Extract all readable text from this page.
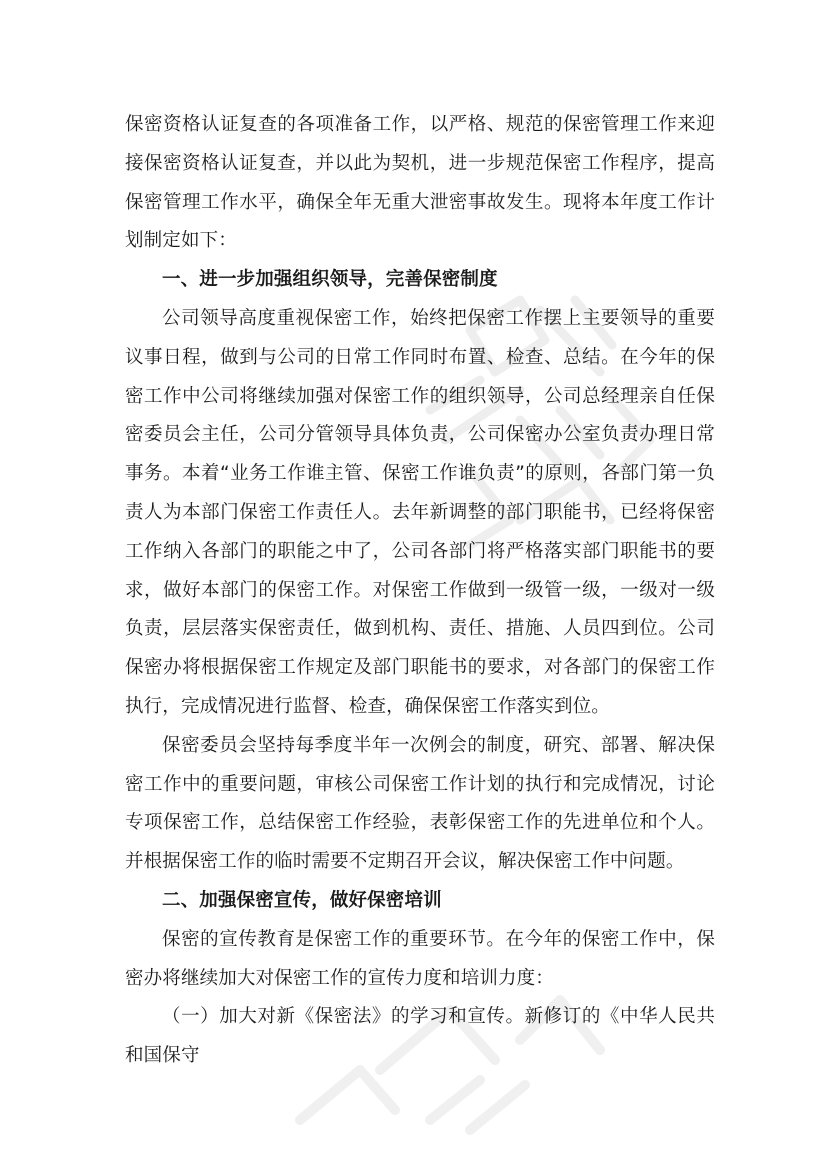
保密资格认证复查的各项准备工作，以严格、规范的保密管理工作来迎接保密资格认证复查，并以此为契机，进一步规范保密工作程序，提高保密管理工作水平，确保全年无重大泄密事故发生。现将本年度工作计划制定如下：

一、进一步加强组织领导，完善保密制度

公司领导高度重视保密工作，始终把保密工作摆上主要领导的重要议事日程，做到与公司的日常工作同时布置、检查、总结。在今年的保密工作中公司将继续加强对保密工作的组织领导，公司总经理亲自任保密委员会主任，公司分管领导具体负责，公司保密办公室负责办理日常事务。本着“业务工作谁主管、保密工作谁负责”的原则，各部门第一负责人为本部门保密工作责任人。去年新调整的部门职能书，已经将保密工作纳入各部门的职能之中了，公司各部门将严格落实部门职能书的要求，做好本部门的保密工作。对保密工作做到一级管一级，一级对一级负责，层层落实保密责任，做到机构、责任、措施、人员四到位。公司保密办将根据保密工作规定及部门职能书的要求，对各部门的保密工作执行，完成情况进行监督、检查，确保保密工作落实到位。

保密委员会坚持每季度半年一次例会的制度，研究、部署、解决保密工作中的重要问题，审核公司保密工作计划的执行和完成情况，讨论专项保密工作，总结保密工作经验，表彰保密工作的先进单位和个人。并根据保密工作的临时需要不定期召开会议，解决保密工作中问题。

二、加强保密宣传，做好保密培训

保密的宣传教育是保密工作的重要环节。在今年的保密工作中，保密办将继续加大对保密工作的宣传力度和培训力度：

（一）加大对新《保密法》的学习和宣传。新修订的《中华人民共和国保守
